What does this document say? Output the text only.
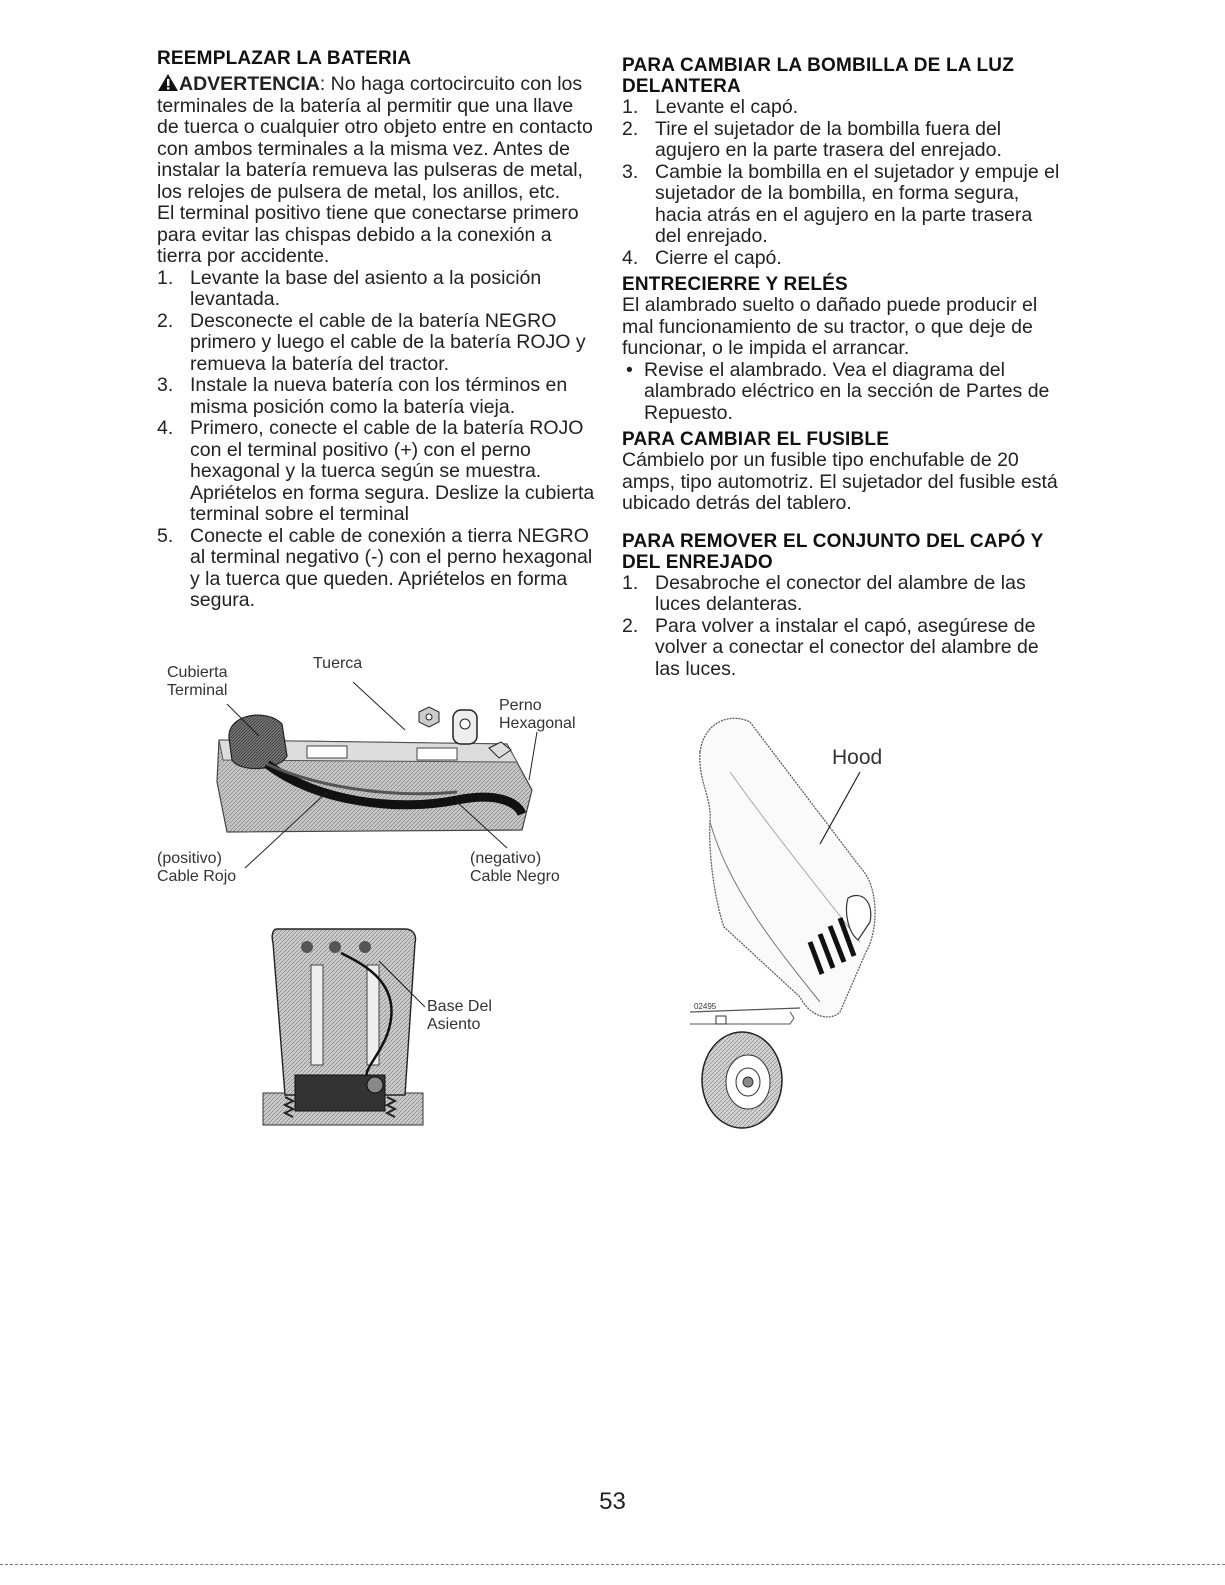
REEMPLAZAR LA BATERIA

ADVERTENCIA: No haga cortocircuito con los terminales de la batería al permitir que una llave de tuerca o cualquier otro objeto entre en contacto con ambos terminales a la misma vez. Antes de instalar la batería remueva las pulseras de metal, los relojes de pulsera de metal, los anillos, etc.

El terminal positivo tiene que conectarse primero para evitar las chispas debido a la conexión a tierra por accidente.

1. Levante la base del asiento a la posición levantada.
2. Desconecte el cable de la batería NEGRO primero y luego el cable de la batería ROJO y remueva la batería del tractor.
3. Instale la nueva batería con los términos en misma posición como la batería vieja.
4. Primero, conecte el cable de la batería ROJO con el terminal positivo (+) con el perno hexagonal y la tuerca según se muestra. Apriételos en forma segura. Deslize la cubierta terminal sobre el terminal
5. Conecte el cable de conexión a tierra NEGRO al terminal negativo (-) con el perno hexagonal y la tuerca que queden. Apriételos en forma segura.
Cubierta
Terminal
Tuerca
Perno
Hexagonal
(positivo)
Cable Rojo
(negativo)
Cable Negro
Base Del
Asiento
PARA CAMBIAR LA BOMBILLA DE LA LUZ DELANTERA
1. Levante el capó.
2. Tire el sujetador de la bombilla fuera del agujero en la parte trasera del enrejado.
3. Cambie la bombilla en el sujetador y empuje el sujetador de la bombilla, en forma segura, hacia atrás en el agujero en la parte trasera del enrejado.
4. Cierre el capó.
ENTRECIERRE Y RELÉS

El alambrado suelto o dañado puede producir el mal funcionamiento de su tractor, o que deje de funcionar, o le impida el arrancar.

• Revise el alambrado. Vea el diagrama del alambrado eléctrico en la sección de Partes de Repuesto.
PARA CAMBIAR EL FUSIBLE

Cámbielo por un fusible tipo enchufable de 20 amps, tipo automotriz. El sujetador del fusible está ubicado detrás del tablero.

PARA REMOVER EL CONJUNTO DEL CAPÓ Y DEL ENREJADO
1. Desabroche el conector del alambre de las luces delanteras.
2. Para volver a instalar el capó, asegúrese de volver a conectar el conector del alambre de las luces.
Hood
02495
53
